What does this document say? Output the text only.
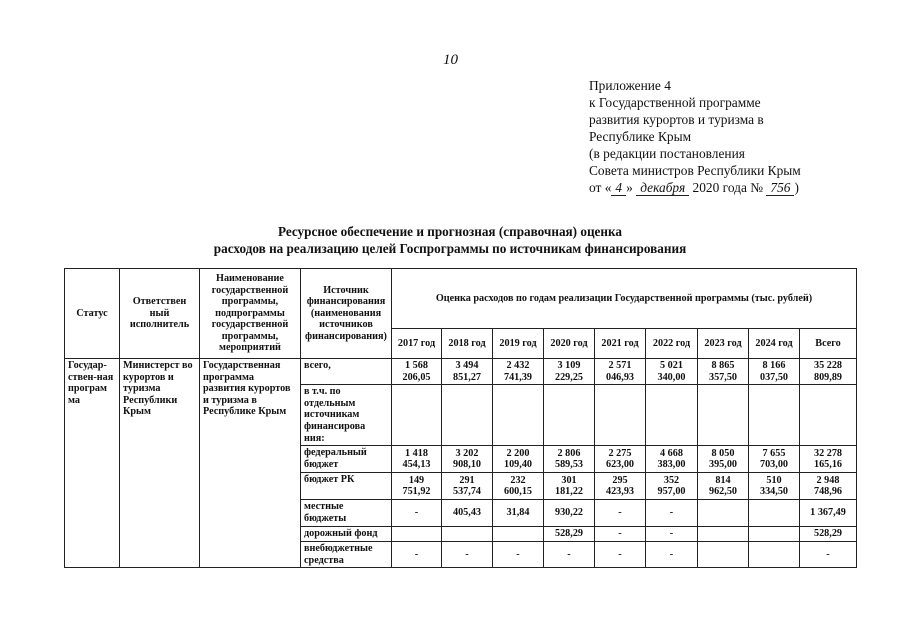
10
Приложение 4
к Государственной программе
развития курортов и туризма в
Республике Крым
(в редакции постановления
Совета министров Республики Крым
от « 4 » декабря 2020 года № 756 )
Ресурсное обеспечение и прогнозная (справочная) оценка
расходов на реализацию целей Госпрограммы по источникам финансирования
Статус	Ответствен ный исполнитель	Наименование государственной программы, подпрограммы государственной программы, мероприятий	Источник финансирования (наименования источников финансирования)	Оценка расходов по годам реализации Государственной программы (тыс. рублей)								
				2017 год	2018 год	2019 год	2020 год	2021 год	2022 год	2023 год	2024 год	Всего
Государ-ствен-ная програм ма	Министерст во курортов и туризма Республики Крым	Государственная программа развития курортов и туризма в Республике Крым	всего,	1 568 206,05	3 494 851,27	2 432 741,39	3 109 229,25	2 571 046,93	5 021 340,00	8 865 357,50	8 166 037,50	35 228 809,89
			в т.ч. по отдельным источникам финансирова ния:									
			федеральный бюджет	1 418 454,13	3 202 908,10	2 200 109,40	2 806 589,53	2 275 623,00	4 668 383,00	8 050 395,00	7 655 703,00	32 278 165,16
			бюджет РК	149 751,92	291 537,74	232 600,15	301 181,22	295 423,93	352 957,00	814 962,50	510 334,50	2 948 748,96
			местные бюджеты	-	405,43	31,84	930,22	-	-			1 367,49
			дорожный фонд				528,29	-	-			528,29
			внебюджетные средства	-	-	-	-	-	-			-
